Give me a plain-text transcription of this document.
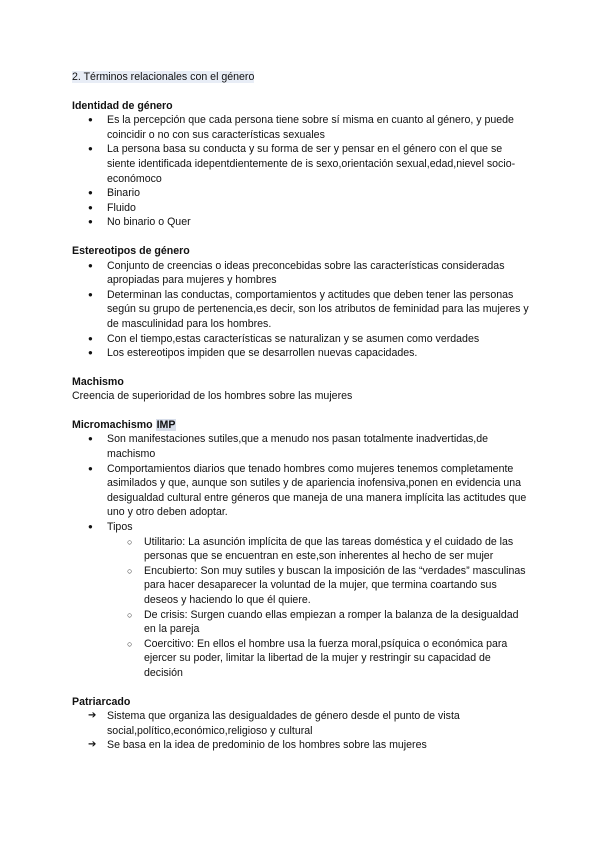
2. Términos relacionales con el género

Identidad de género
● Es la percepción que cada persona tiene sobre sí misma en cuanto al género, y puede coincidir o no con sus características sexuales
● La persona basa su conducta y su forma de ser y pensar en el género con el que se siente identificada idepentdientemente de is sexo,orientación sexual,edad,nievel socio-económoco
● Binario
● Fluido
● No binario o Quer
Estereotipos de género
● Conjunto de creencias o ideas preconcebidas sobre las características consideradas apropiadas para mujeres y hombres
● Determinan las conductas, comportamientos y actitudes que deben tener las personas según su grupo de pertenencia,es decir, son los atributos de feminidad para las mujeres y de masculinidad para los hombres.
● Con el tiempo,estas características se naturalizan y se asumen como verdades
● Los estereotipos impiden que se desarrollen nuevas capacidades.
Machismo

Creencia de superioridad de los hombres sobre las mujeres

Micromachismo IMP
● Son manifestaciones sutiles,que a menudo nos pasan totalmente inadvertidas,de machismo
● Comportamientos diarios que tenado hombres como mujeres tenemos completamente asimilados y que, aunque son sutiles y de apariencia inofensiva,ponen en evidencia una desigualdad cultural entre géneros que maneja de una manera implícita las actitudes que uno y otro deben adoptar.
● Tipos
○ Utilitario: La asunción implícita de que las tareas doméstica y el cuidado de las personas que se encuentran en este,son inherentes al hecho de ser mujer
○ Encubierto: Son muy sutiles y buscan la imposición de las “verdades” masculinas para hacer desaparecer la voluntad de la mujer, que termina coartando sus deseos y haciendo lo que él quiere.
○ De crisis: Surgen cuando ellas empiezan a romper la balanza de la desigualdad en la pareja
○ Coercitivo: En ellos el hombre usa la fuerza moral,psíquica o económica para ejercer su poder, limitar la libertad de la mujer y restringir su capacidad de decisión
Patriarcado
➔ Sistema que organiza las desigualdades de género desde el punto de vista social,político,económico,religioso y cultural
➔ Se basa en la idea de predominio de los hombres sobre las mujeres
